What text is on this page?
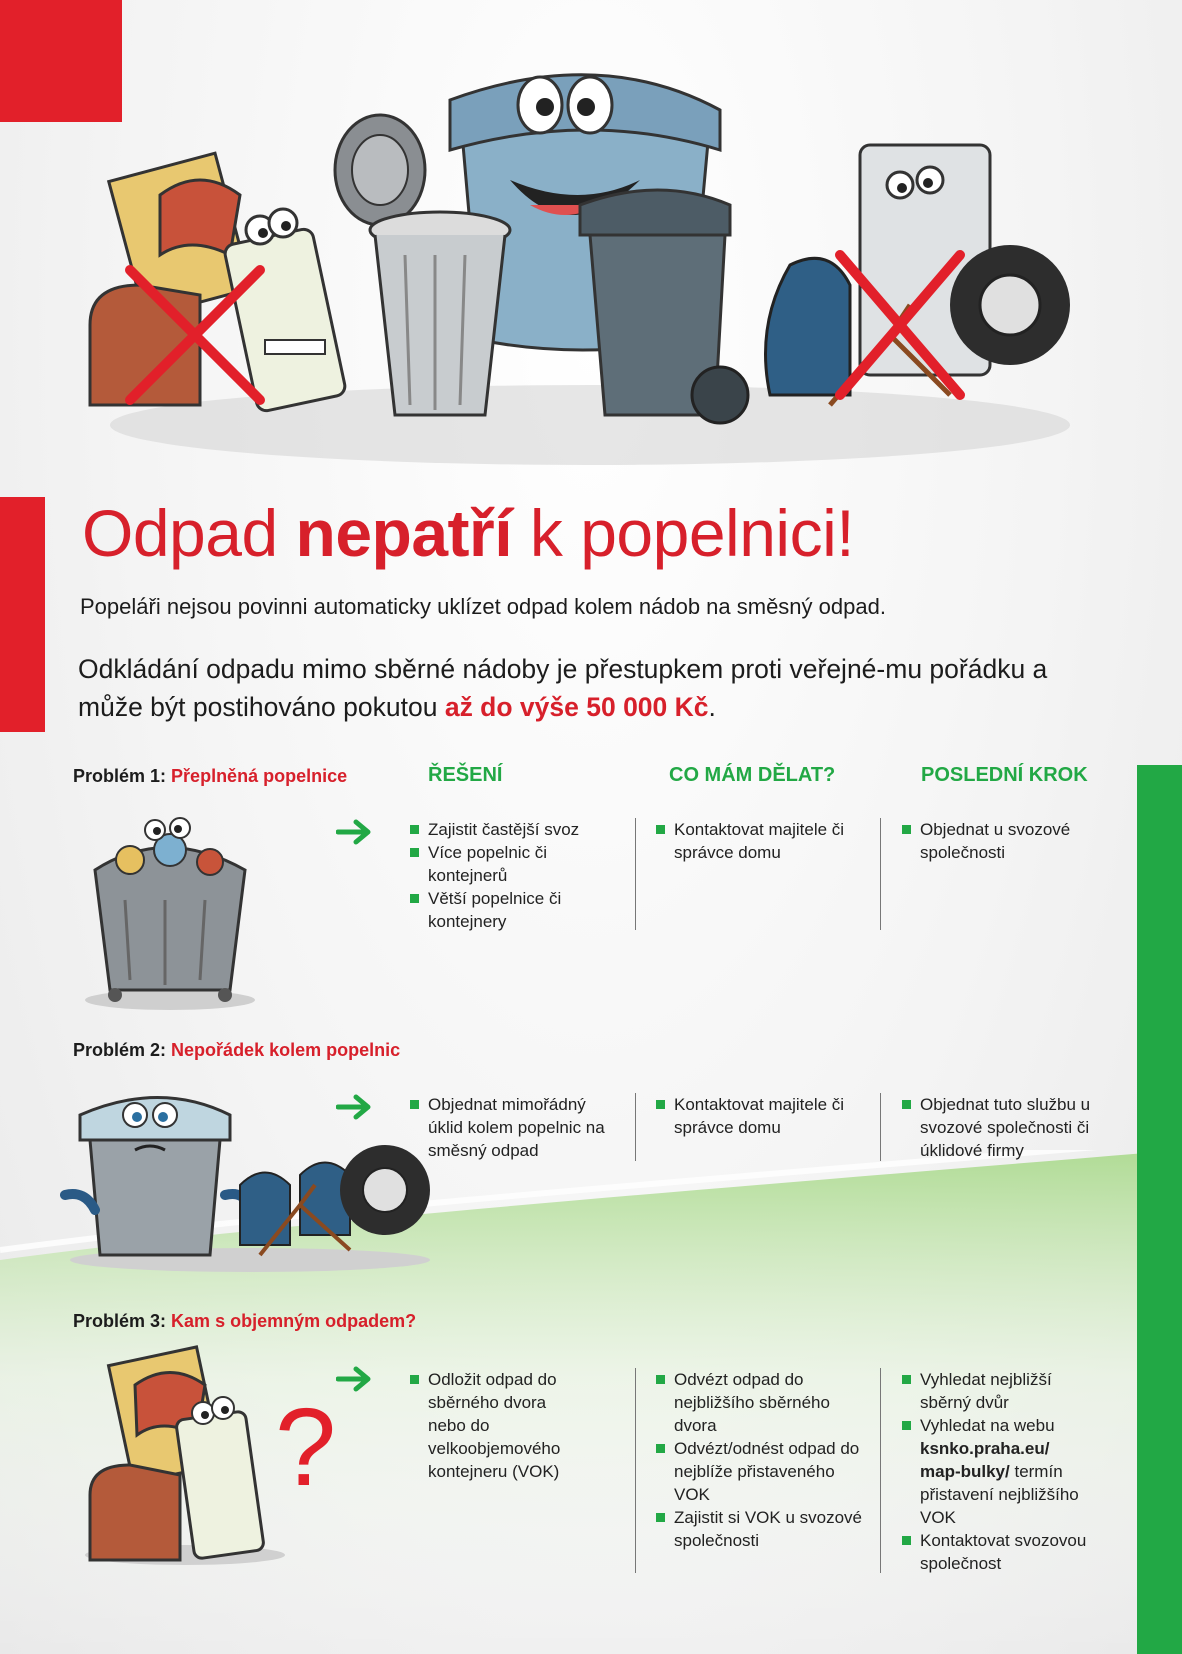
Odpad nepatří k popelnici!
Popeláři nejsou povinni automaticky uklízet odpad kolem nádob na směsný odpad.
Odkládání odpadu mimo sběrné nádoby je přestupkem proti veřejné-mu pořádku a může být postihováno pokutou až do výše 50 000 Kč.
ŘEŠENÍ	CO MÁM DĚLAT?	POSLEDNÍ KROK
Problém 1: Přeplněná popelnice
Problém 2: Nepořádek kolem popelnic
Problém 3: Kam s objemným odpadem?
Zajistit častější svoz
Více popelnic či kontejnerů
Větší popelnice či kontejnery
Kontaktovat majitele či správce domu
Objednat u svozové společnosti
Objednat mimořádný úklid kolem popelnic na směsný odpad
Kontaktovat majitele či správce domu
Objednat tuto službu u svozové společnosti či úklidové firmy
Odložit odpad do sběrného dvora nebo do velkoobjemového kontejneru (VOK)
Odvézt odpad do nejbližšího sběrného dvora
Odvézt/odnést odpad do nejblíže přistaveného VOK
Zajistit si VOK u svozové společnosti
Vyhledat nejbližší sběrný dvůr
Vyhledat na webu ksnko.praha.eu/ map-bulky/ termín přistavení nejbližšího VOK
Kontaktovat svozovou společnost
?
